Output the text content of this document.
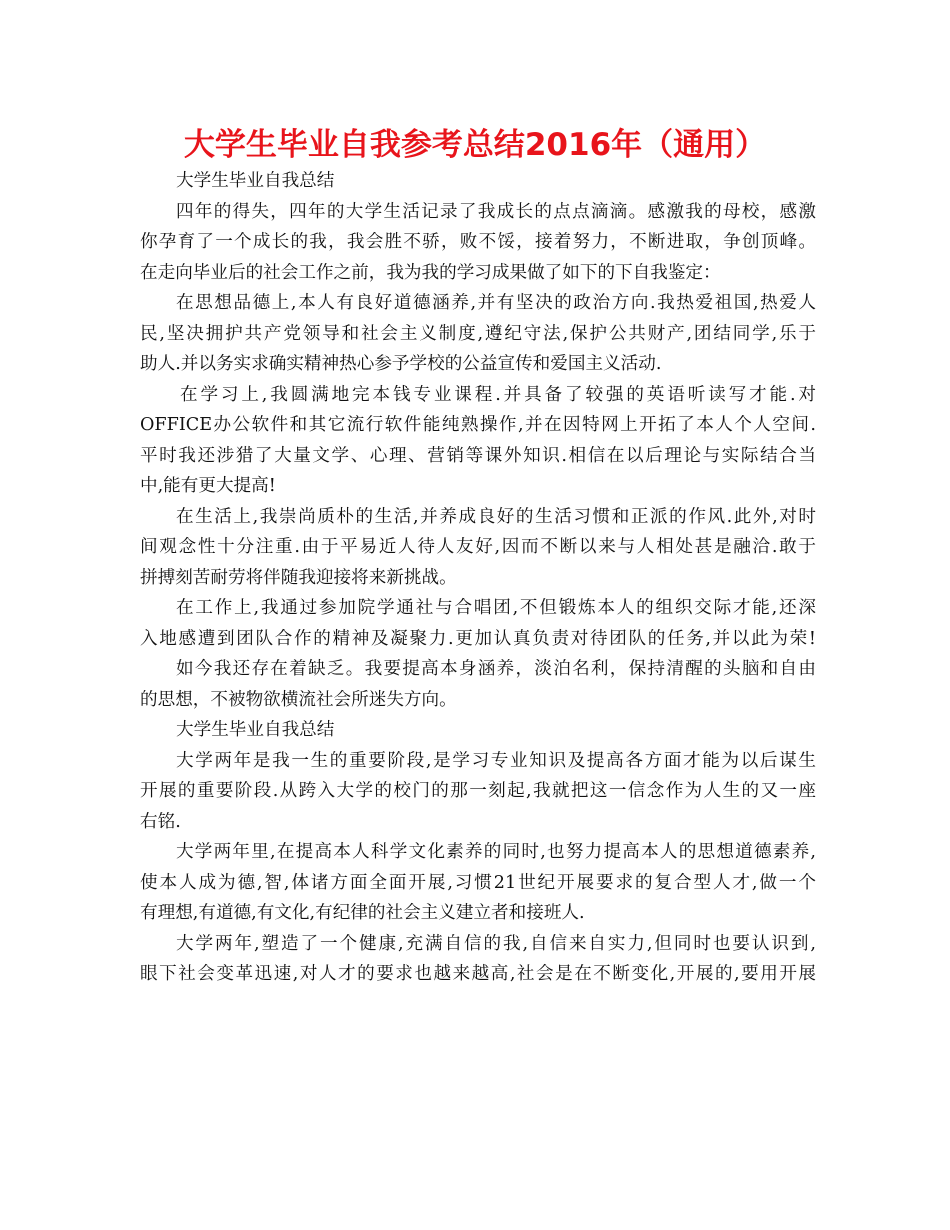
大学生毕业自我参考总结2016年（通用）
大学生毕业自我总结
四年的得失，四年的大学生活记录了我成长的点点滴滴。感激我的母校，感激
你孕育了一个成长的我，我会胜不骄，败不馁，接着努力，不断进取，争创顶峰。
在走向毕业后的社会工作之前，我为我的学习成果做了如下的下自我鉴定：
在思想品德上,本人有良好道德涵养,并有坚决的政治方向.我热爱祖国,热爱人
民,坚决拥护共产党领导和社会主义制度,遵纪守法,保护公共财产,团结同学,乐于
助人.并以务实求确实精神热心参予学校的公益宣传和爱国主义活动.
在学习上,我圆满地完本钱专业课程.并具备了较强的英语听读写才能.对
OFFICE办公软件和其它流行软件能纯熟操作,并在因特网上开拓了本人个人空间.
平时我还涉猎了大量文学、心理、营销等课外知识.相信在以后理论与实际结合当
中,能有更大提高!
在生活上,我崇尚质朴的生活,并养成良好的生活习惯和正派的作风.此外,对时
间观念性十分注重.由于平易近人待人友好,因而不断以来与人相处甚是融洽.敢于
拼搏刻苦耐劳将伴随我迎接将来新挑战。
在工作上,我通过参加院学通社与合唱团,不但锻炼本人的组织交际才能,还深
入地感遭到团队合作的精神及凝聚力.更加认真负责对待团队的任务,并以此为荣!
如今我还存在着缺乏。我要提高本身涵养，淡泊名利，保持清醒的头脑和自由
的思想，不被物欲横流社会所迷失方向。
大学生毕业自我总结
大学两年是我一生的重要阶段,是学习专业知识及提高各方面才能为以后谋生
开展的重要阶段.从跨入大学的校门的那一刻起,我就把这一信念作为人生的又一座
右铭.
大学两年里,在提高本人科学文化素养的同时,也努力提高本人的思想道德素养,
使本人成为德,智,体诸方面全面开展,习惯21世纪开展要求的复合型人才,做一个
有理想,有道德,有文化,有纪律的社会主义建立者和接班人.
大学两年,塑造了一个健康,充满自信的我,自信来自实力,但同时也要认识到,
眼下社会变革迅速,对人才的要求也越来越高,社会是在不断变化,开展的,要用开展
